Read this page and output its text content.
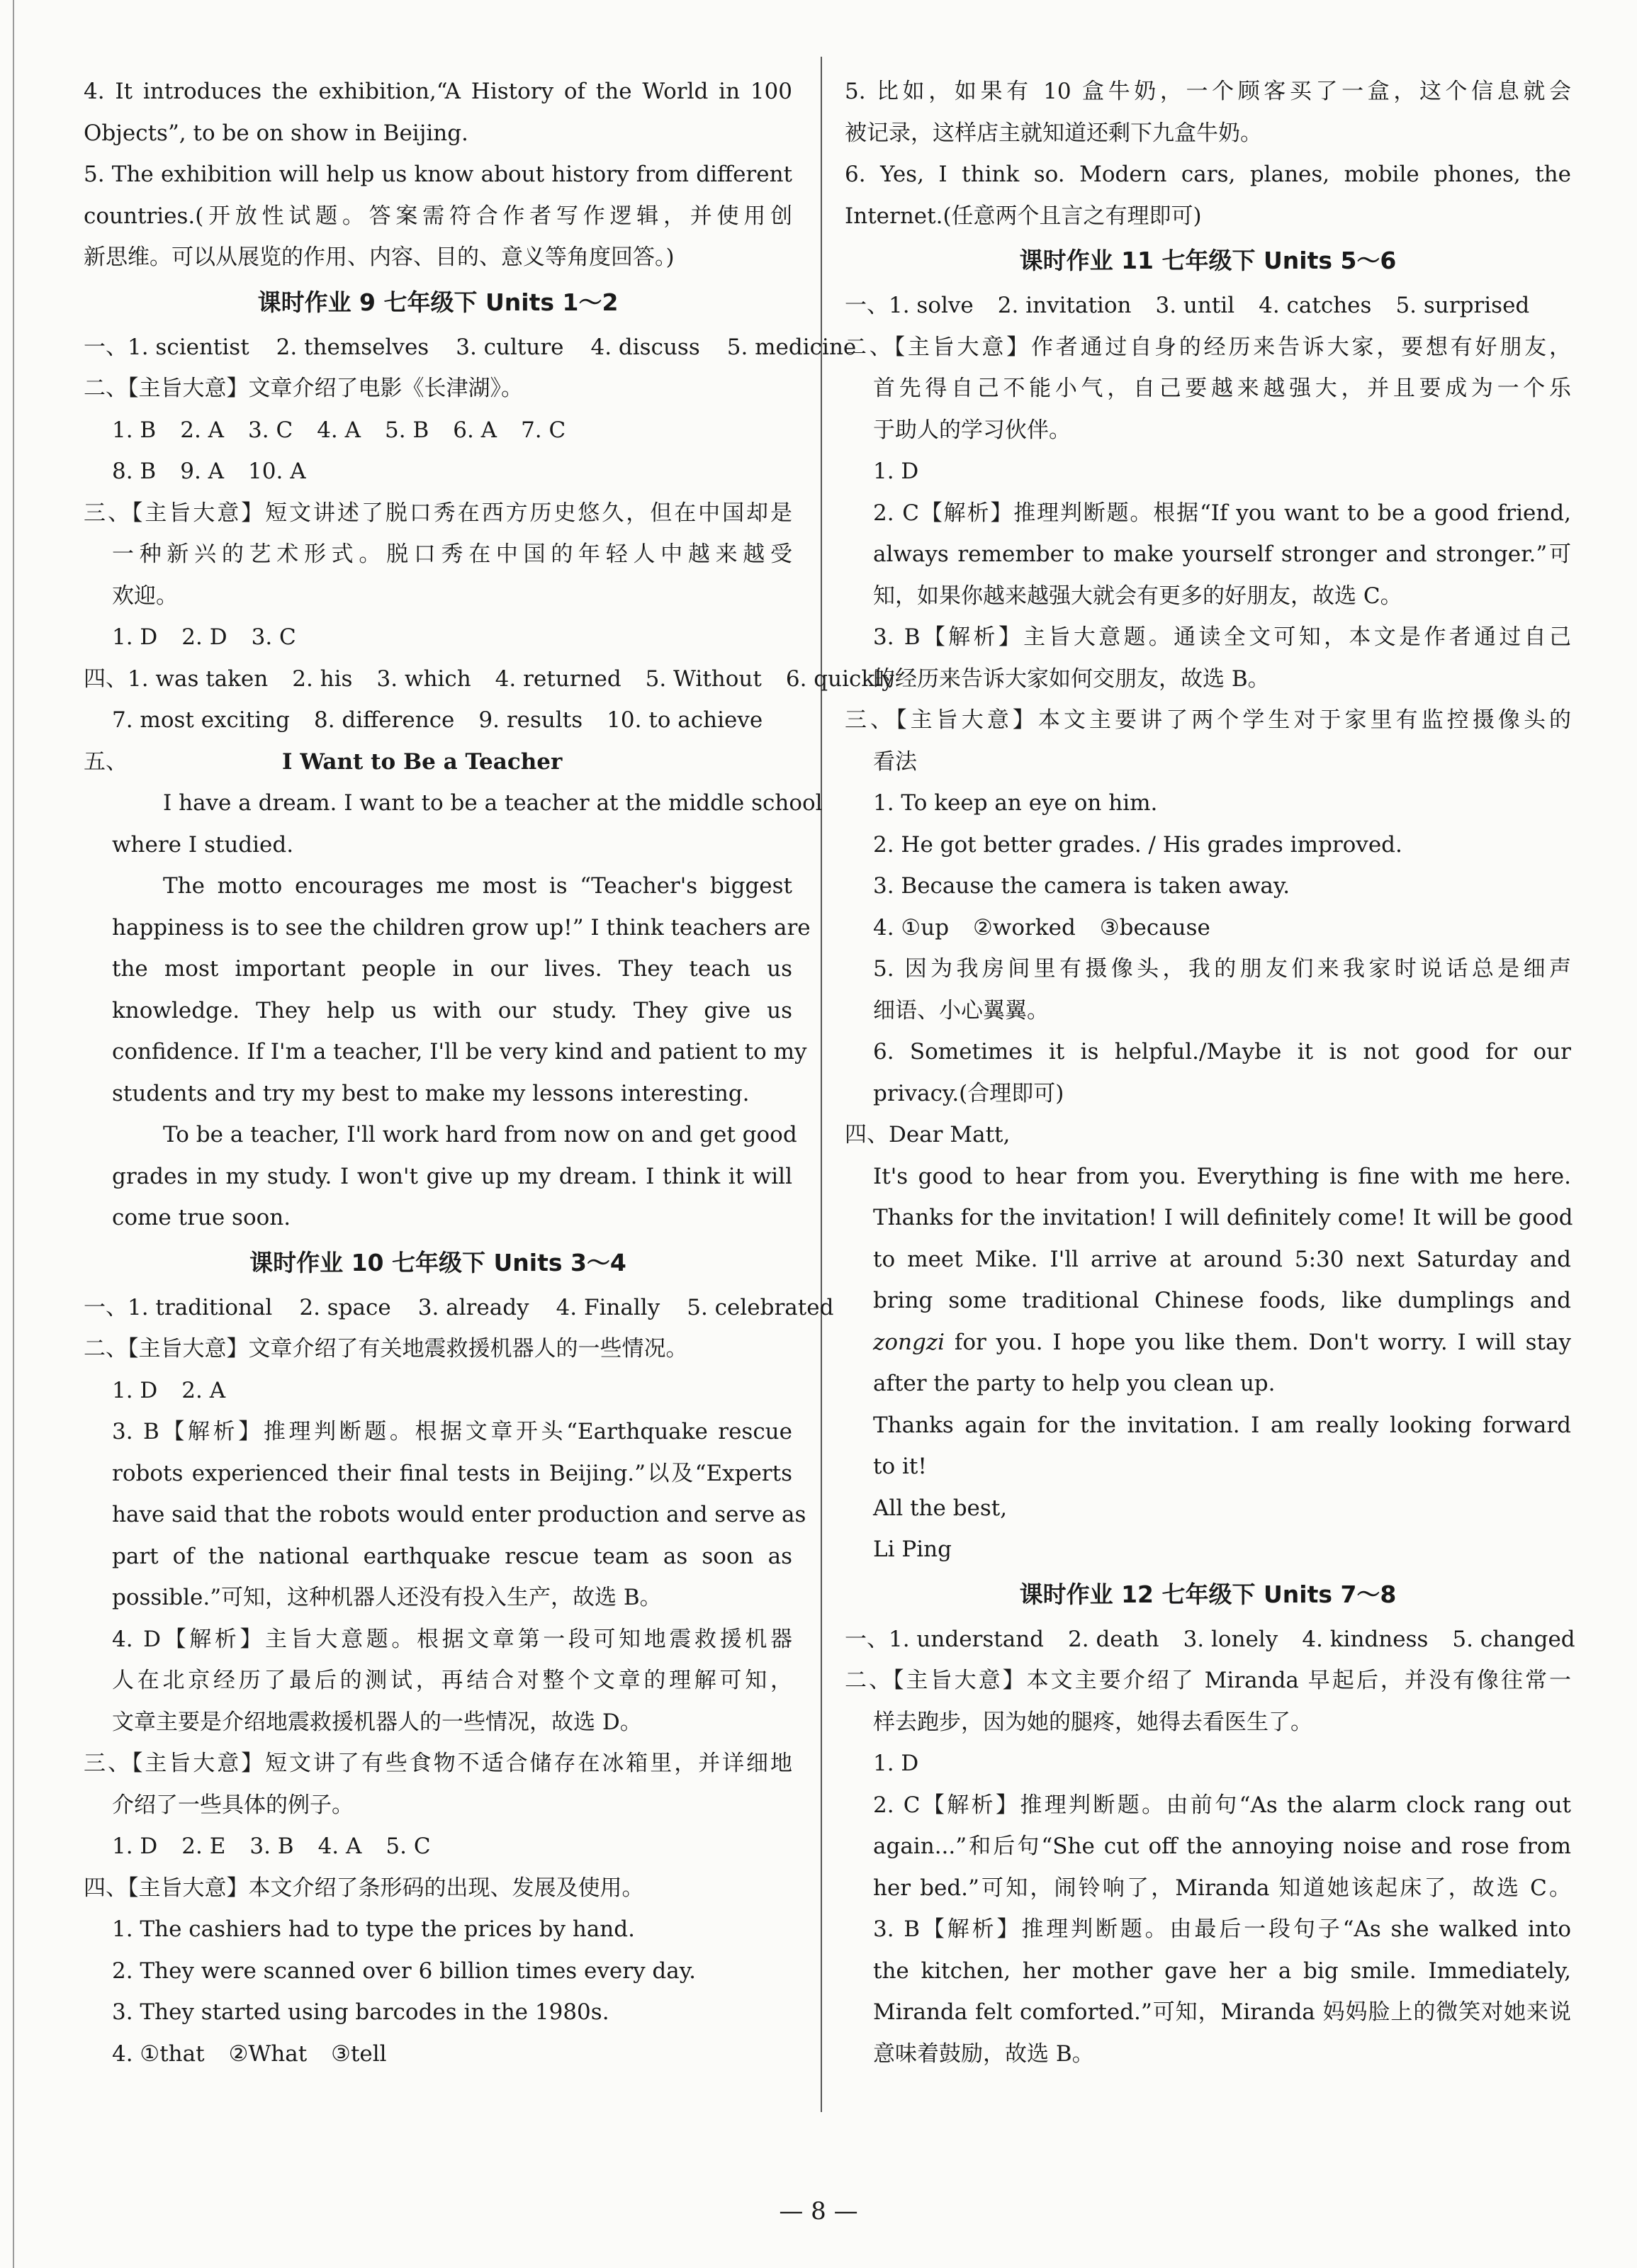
4. It introduces the exhibition,“A History of the World in 100
Objects”, to be on show in Beijing.
5. The exhibition will help us know about history from different
countries.(开放性试题。答案需符合作者写作逻辑，并使用创
新思维。可以从展览的作用、内容、目的、意义等角度回答。)
课时作业 9 七年级下 Units 1～2
一、1. scientist 2. themselves 3. culture 4. discuss 5. medicine
二、【主旨大意】文章介绍了电影《长津湖》。
1. B 2. A 3. C 4. A 5. B 6. A 7. C
8. B 9. A 10. A
三、【主旨大意】短文讲述了脱口秀在西方历史悠久，但在中国却是
一种新兴的艺术形式。脱口秀在中国的年轻人中越来越受
欢迎。
1. D 2. D 3. C
四、1. was taken 2. his 3. which 4. returned 5. Without 6. quickly
7. most exciting 8. difference 9. results 10. to achieve
五、	I Want to Be a Teacher
I have a dream. I want to be a teacher at the middle school
where I studied.
The motto encourages me most is “Teacher's biggest
happiness is to see the children grow up!” I think teachers are
the most important people in our lives. They teach us
knowledge. They help us with our study. They give us
confidence. If I'm a teacher, I'll be very kind and patient to my
students and try my best to make my lessons interesting.
To be a teacher, I'll work hard from now on and get good
grades in my study. I won't give up my dream. I think it will
come true soon.
课时作业 10 七年级下 Units 3～4
一、1. traditional 2. space 3. already 4. Finally 5. celebrated
二、【主旨大意】文章介绍了有关地震救援机器人的一些情况。
1. D 2. A
3. B【解析】推理判断题。根据文章开头“Earthquake rescue
robots experienced their final tests in Beijing.”以及“Experts
have said that the robots would enter production and serve as
part of the national earthquake rescue team as soon as
possible.”可知，这种机器人还没有投入生产，故选 B。
4. D【解析】主旨大意题。根据文章第一段可知地震救援机器
人在北京经历了最后的测试，再结合对整个文章的理解可知，
文章主要是介绍地震救援机器人的一些情况，故选 D。
三、【主旨大意】短文讲了有些食物不适合储存在冰箱里，并详细地
介绍了一些具体的例子。
1. D 2. E 3. B 4. A 5. C
四、【主旨大意】本文介绍了条形码的出现、发展及使用。
1. The cashiers had to type the prices by hand.
2. They were scanned over 6 billion times every day.
3. They started using barcodes in the 1980s.
4. ①that ②What ③tell
5. 比如，如果有 10 盒牛奶，一个顾客买了一盒，这个信息就会
被记录，这样店主就知道还剩下九盒牛奶。
6. Yes, I think so. Modern cars, planes, mobile phones, the
Internet.(任意两个且言之有理即可)
课时作业 11 七年级下 Units 5～6
一、1. solve 2. invitation 3. until 4. catches 5. surprised
二、【主旨大意】作者通过自身的经历来告诉大家，要想有好朋友，
首先得自己不能小气，自己要越来越强大，并且要成为一个乐
于助人的学习伙伴。
1. D
2. C【解析】推理判断题。根据“If you want to be a good friend,
always remember to make yourself stronger and stronger.”可
知，如果你越来越强大就会有更多的好朋友，故选 C。
3. B【解析】主旨大意题。通读全文可知，本文是作者通过自己
的经历来告诉大家如何交朋友，故选 B。
三、【主旨大意】本文主要讲了两个学生对于家里有监控摄像头的
看法
1. To keep an eye on him.
2. He got better grades. / His grades improved.
3. Because the camera is taken away.
4. ①up ②worked ③because
5. 因为我房间里有摄像头，我的朋友们来我家时说话总是细声
细语、小心翼翼。
6. Sometimes it is helpful./Maybe it is not good for our
privacy.(合理即可)
四、Dear Matt,
It's good to hear from you. Everything is fine with me here.
Thanks for the invitation! I will definitely come! It will be good
to meet Mike. I'll arrive at around 5:30 next Saturday and
bring some traditional Chinese foods, like dumplings and
zongzi for you. I hope you like them. Don't worry. I will stay
after the party to help you clean up.
Thanks again for the invitation. I am really looking forward
to it!
All the best,
Li Ping
课时作业 12 七年级下 Units 7～8
一、1. understand 2. death 3. lonely 4. kindness 5. changed
二、【主旨大意】本文主要介绍了 Miranda 早起后，并没有像往常一
样去跑步，因为她的腿疼，她得去看医生了。
1. D
2. C【解析】推理判断题。由前句“As the alarm clock rang out
again...”和后句“She cut off the annoying noise and rose from
her bed.”可知，闹铃响了，Miranda 知道她该起床了，故选 C。
3. B【解析】推理判断题。由最后一段句子“As she walked into
the kitchen, her mother gave her a big smile. Immediately,
Miranda felt comforted.”可知，Miranda 妈妈脸上的微笑对她来说
意味着鼓励，故选 B。
— 8 —
